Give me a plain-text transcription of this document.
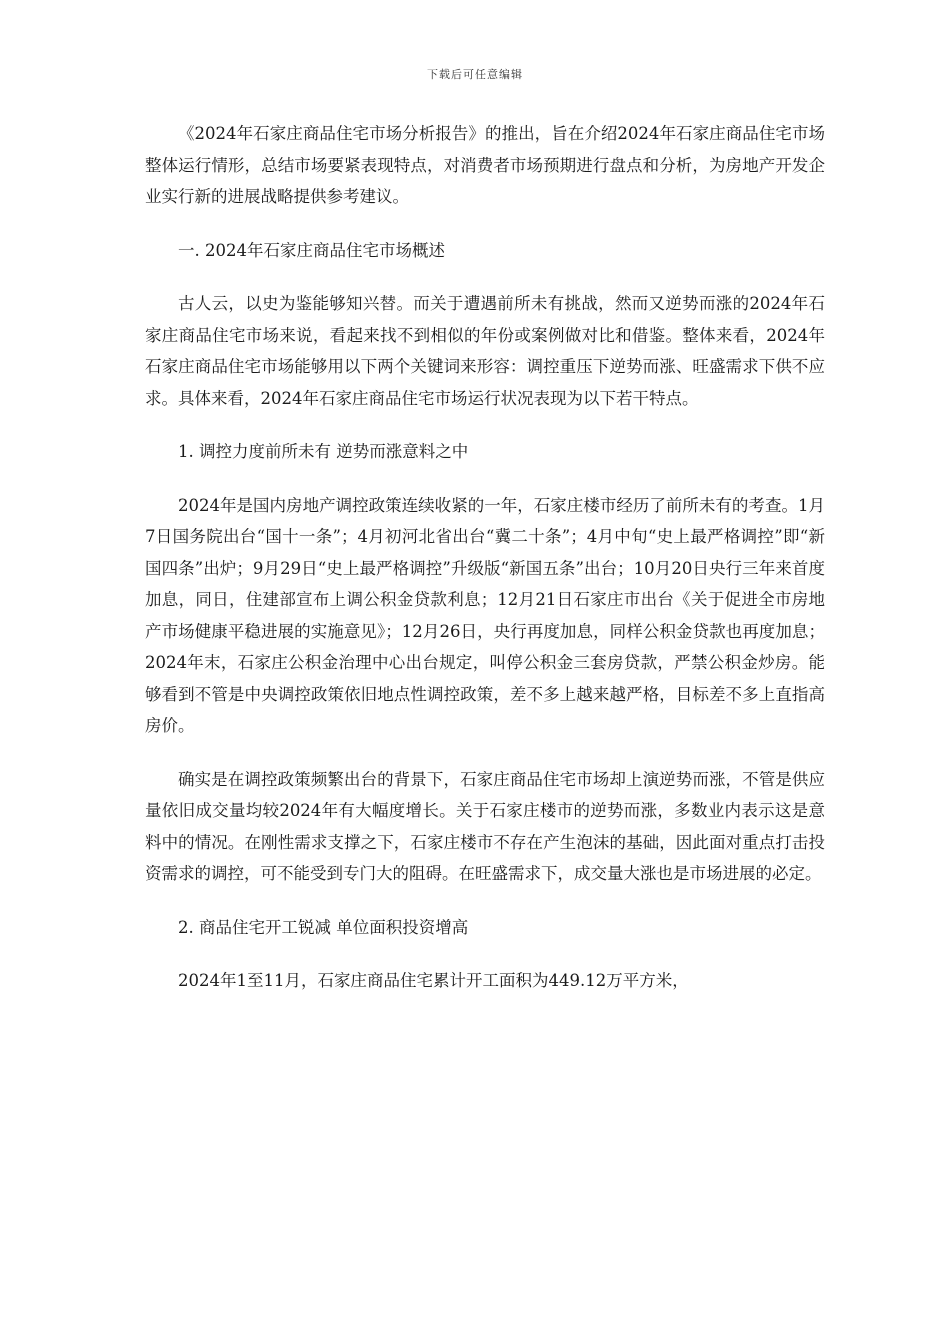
下载后可任意编辑

《2024年石家庄商品住宅市场分析报告》的推出，旨在介绍2024年石家庄商品住宅市场整体运行情形，总结市场要紧表现特点，对消费者市场预期进行盘点和分析，为房地产开发企业实行新的进展战略提供参考建议。

一. 2024年石家庄商品住宅市场概述

古人云，以史为鉴能够知兴替。而关于遭遇前所未有挑战，然而又逆势而涨的2024年石家庄商品住宅市场来说，看起来找不到相似的年份或案例做对比和借鉴。整体来看，2024年石家庄商品住宅市场能够用以下两个关键词来形容：调控重压下逆势而涨、旺盛需求下供不应求。具体来看，2024年石家庄商品住宅市场运行状况表现为以下若干特点。

1. 调控力度前所未有 逆势而涨意料之中

2024年是国内房地产调控政策连续收紧的一年，石家庄楼市经历了前所未有的考查。1月7日国务院出台“国十一条”；4月初河北省出台“冀二十条”；4月中旬“史上最严格调控”即“新国四条”出炉；9月29日“史上最严格调控”升级版“新国五条”出台；10月20日央行三年来首度加息，同日，住建部宣布上调公积金贷款利息；12月21日石家庄市出台《关于促进全市房地产市场健康平稳进展的实施意见》；12月26日，央行再度加息，同样公积金贷款也再度加息；2024年末，石家庄公积金治理中心出台规定，叫停公积金三套房贷款，严禁公积金炒房。能够看到不管是中央调控政策依旧地点性调控政策，差不多上越来越严格，目标差不多上直指高房价。

确实是在调控政策频繁出台的背景下，石家庄商品住宅市场却上演逆势而涨，不管是供应量依旧成交量均较2024年有大幅度增长。关于石家庄楼市的逆势而涨，多数业内表示这是意料中的情况。在刚性需求支撑之下，石家庄楼市不存在产生泡沫的基础，因此面对重点打击投资需求的调控，可不能受到专门大的阻碍。在旺盛需求下，成交量大涨也是市场进展的必定。

2. 商品住宅开工锐减 单位面积投资增高

2024年1至11月，石家庄商品住宅累计开工面积为449.12万平方米，
